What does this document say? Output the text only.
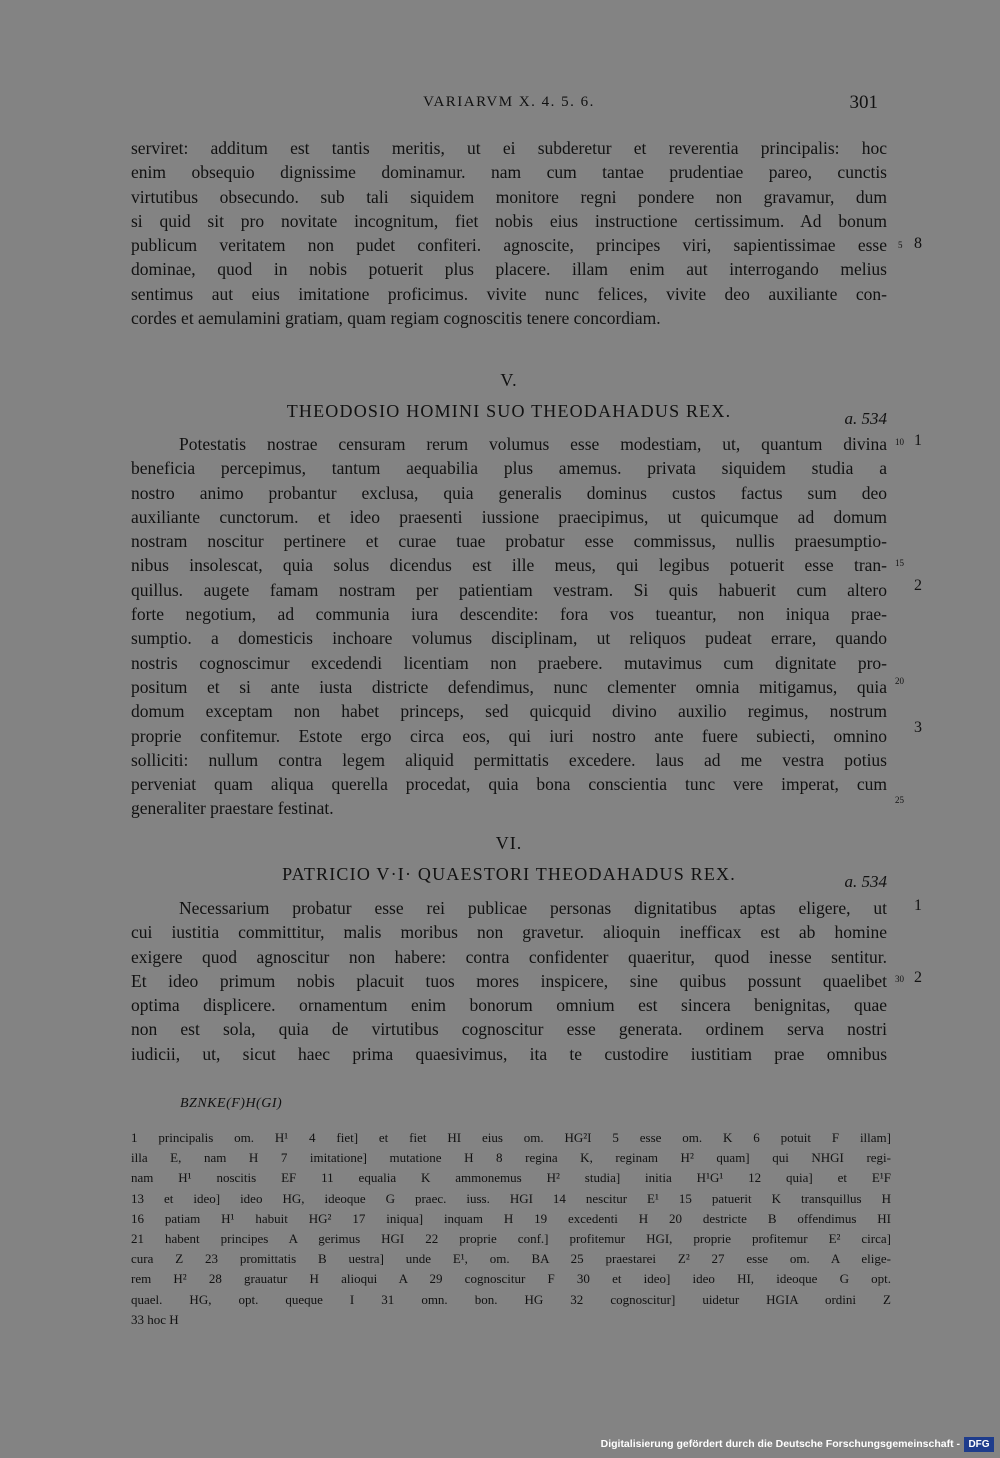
VARIARVM X. 4. 5. 6.	301
serviret: additum est tantis meritis, ut ei subderetur et reverentia principalis: hoc
enim obsequio dignissime dominamur. nam cum tantae prudentiae pareo, cunctis
virtutibus obsecundo. sub tali siquidem monitore regni pondere non gravamur, dum
si quid sit pro novitate incognitum, fiet nobis eius instructione certissimum. Ad bonum
publicum veritatem non pudet confiteri. agnoscite, principes viri, sapientissimae esse
dominae, quod in nobis potuerit plus placere. illam enim aut interrogando melius
sentimus aut eius imitatione proficimus. vivite nunc felices, vivite deo auxiliante con-
cordes et aemulamini gratiam, quam regiam cognoscitis tenere concordiam.
8
5
V.
THEODOSIO HOMINI SUO THEODAHADUS REX.	a. 534
Potestatis nostrae censuram rerum volumus esse modestiam, ut, quantum divina
beneficia percepimus, tantum aequabilia plus amemus. privata siquidem studia a
nostro animo probantur exclusa, quia generalis dominus custos factus sum deo
auxiliante cunctorum. et ideo praesenti iussione praecipimus, ut quicumque ad domum
nostram noscitur pertinere et curae tuae probatur esse commissus, nullis praesumptio-
nibus insolescat, quia solus dicendus est ille meus, qui legibus potuerit esse tran-
quillus. augete famam nostram per patientiam vestram. Si quis habuerit cum altero
forte negotium, ad communia iura descendite: fora vos tueantur, non iniqua prae-
sumptio. a domesticis inchoare volumus disciplinam, ut reliquos pudeat errare, quando
nostris cognoscimur excedendi licentiam non praebere. mutavimus cum dignitate pro-
positum et si ante iusta districte defendimus, nunc clementer omnia mitigamus, quia
domum exceptam non habet princeps, sed quicquid divino auxilio regimus, nostrum
proprie confitemur. Estote ergo circa eos, qui iuri nostro ante fuere subiecti, omnino
solliciti: nullum contra legem aliquid permittatis excedere. laus ad me vestra potius
perveniat quam aliqua querella procedat, quia bona conscientia tunc vere imperat, cum
generaliter praestare festinat.
10 1
15
2
20
3
25
VI.
PATRICIO V·I· QUAESTORI THEODAHADUS REX.	a. 534
Necessarium probatur esse rei publicae personas dignitatibus aptas eligere, ut
cui iustitia committitur, malis moribus non gravetur. alioquin inefficax est ab homine
exigere quod agnoscitur non habere: contra confidenter quaeritur, quod inesse sentitur.
Et ideo primum nobis placuit tuos mores inspicere, sine quibus possunt quaelibet
optima displicere. ornamentum enim bonorum omnium est sincera benignitas, quae
non est sola, quia de virtutibus cognoscitur esse generata. ordinem serva nostri
iudicii, ut, sicut haec prima quaesivimus, ita te custodire iustitiam prae omnibus
1
30 2
BZNKE(F)H(GI)
1 principalis om. H¹ 4 fiet] et fiet HI eius om. HG²I 5 esse om. K 6 potuit F illam]
illa E, nam H 7 imitatione] mutatione H 8 regina K, reginam H² quam] qui NHGI regi-
nam H¹ noscitis EF 11 equalia K ammonemus H² studia] initia H¹G¹ 12 quia] et E¹F
13 et ideo] ideo HG, ideoque G praec. iuss. HGI 14 nescitur E¹ 15 patuerit K transquillus H
16 patiam H¹ habuit HG² 17 iniqua] inquam H 19 excedenti H 20 destricte B offendimus HI
21 habent principes A gerimus HGI 22 proprie conf.] profitemur HGI, proprie profitemur E² circa]
cura Z 23 promittatis B uestra] unde E¹, om. BA 25 praestarei Z² 27 esse om. A elige-
rem H² 28 grauatur H alioqui A 29 cognoscitur F 30 et ideo] ideo HI, ideoque G opt.
quael. HG, opt. queque I 31 omn. bon. HG 32 cognoscitur] uidetur HGIA ordini Z
33 hoc H
Digitalisierung gefördert durch die Deutsche Forschungsgemeinschaft - DFG
